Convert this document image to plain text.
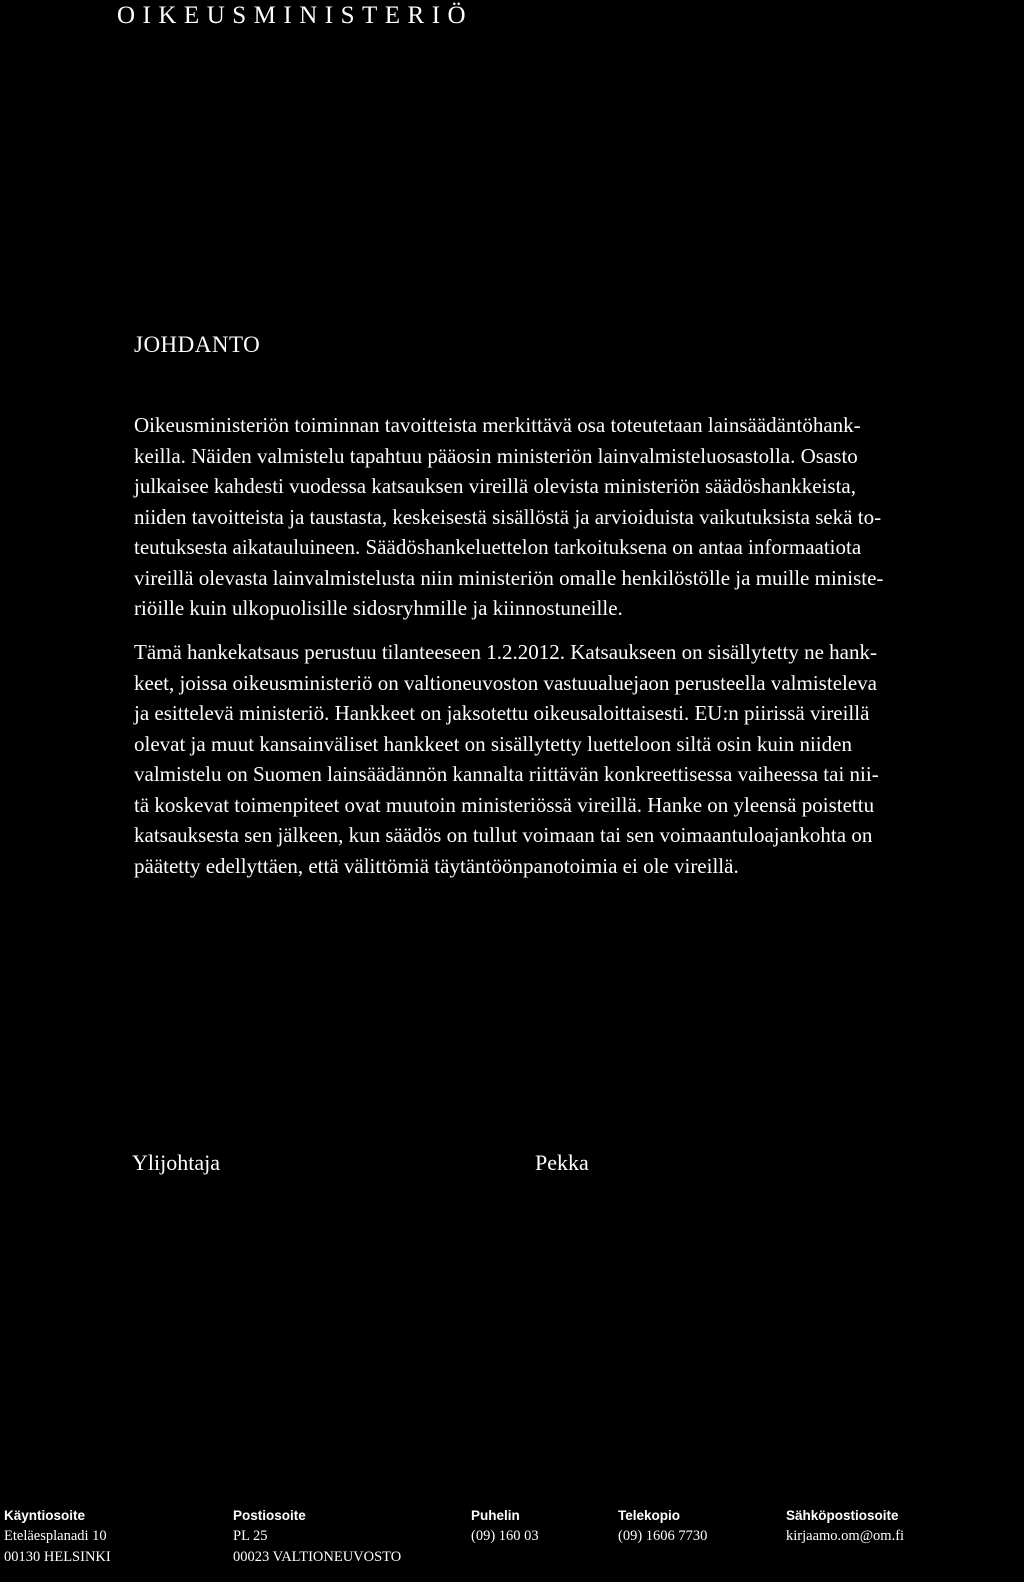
OIKEUSMINISTERIÖ
JOHDANTO

Oikeusministeriön toiminnan tavoitteista merkittävä osa toteutetaan lainsäädäntöhank-
keilla. Näiden valmistelu tapahtuu pääosin ministeriön lainvalmisteluosastolla. Osasto
julkaisee kahdesti vuodessa katsauksen vireillä olevista ministeriön säädöshankkeista,
niiden tavoitteista ja taustasta, keskeisestä sisällöstä ja arvioiduista vaikutuksista sekä to-
teutuksesta aikatauluineen. Säädöshankeluettelon tarkoituksena on antaa informaatiota
vireillä olevasta lainvalmistelusta niin ministeriön omalle henkilöstölle ja muille ministe-
riöille kuin ulkopuolisille sidosryhmille ja kiinnostuneille.

Tämä hankekatsaus perustuu tilanteeseen 1.2.2012. Katsaukseen on sisällytetty ne hank-
keet, joissa oikeusministeriö on valtioneuvoston vastuualuejaon perusteella valmisteleva
ja esittelevä ministeriö. Hankkeet on jaksotettu oikeusaloittaisesti. EU:n piirissä vireillä
olevat ja muut kansainväliset hankkeet on sisällytetty luetteloon siltä osin kuin niiden
valmistelu on Suomen lainsäädännön kannalta riittävän konkreettisessa vaiheessa tai nii-
tä koskevat toimenpiteet ovat muutoin ministeriössä vireillä. Hanke on yleensä poistettu
katsauksesta sen jälkeen, kun säädös on tullut voimaan tai sen voimaantuloajankohta on
päätetty edellyttäen, että välittömiä täytäntöönpanotoimia ei ole vireillä.

Ylijohtaja	Pekka
Käyntiosoite
Eteläesplanadi 10
00130 HELSINKI
Postiosoite
PL 25
00023 VALTIONEUVOSTO
Puhelin
(09) 160 03
Telekopio
(09) 1606 7730
Sähköpostiosoite
kirjaamo.om@om.fi
